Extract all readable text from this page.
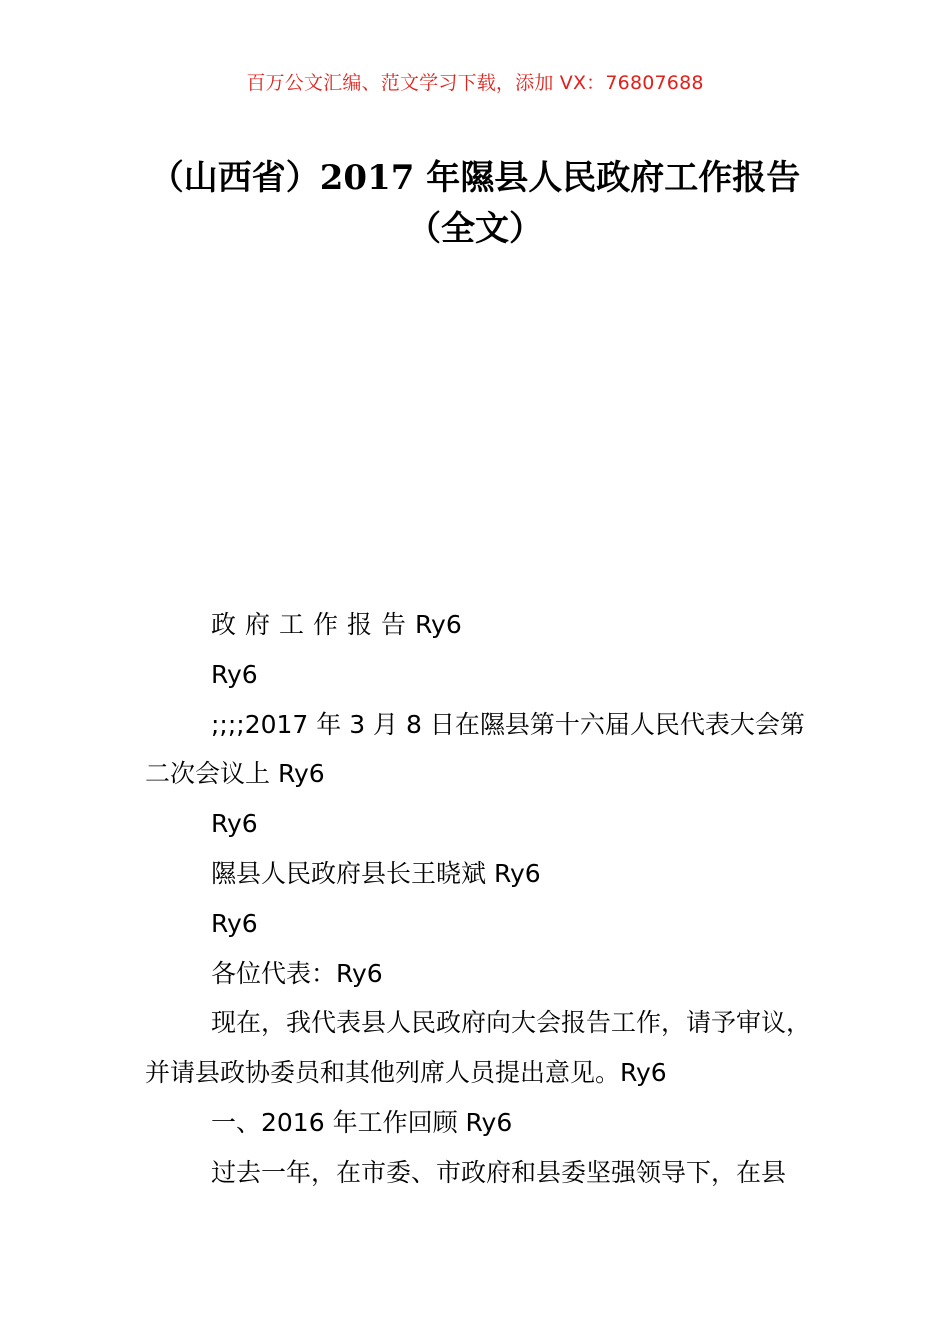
百万公文汇编、范文学习下载，添加 VX：76807688
（山西省）2017 年隰县人民政府工作报告
（全文）
政府工作报告Ry6
Ry6
;;;;2017 年 3 月 8 日在隰县第十六届人民代表大会第
二次会议上 Ry6
Ry6
隰县人民政府县长王晓斌 Ry6
Ry6
各位代表：Ry6
现在，我代表县人民政府向大会报告工作，请予审议，
并请县政协委员和其他列席人员提出意见。Ry6
一、2016 年工作回顾 Ry6
过去一年，在市委、市政府和县委坚强领导下，在县
